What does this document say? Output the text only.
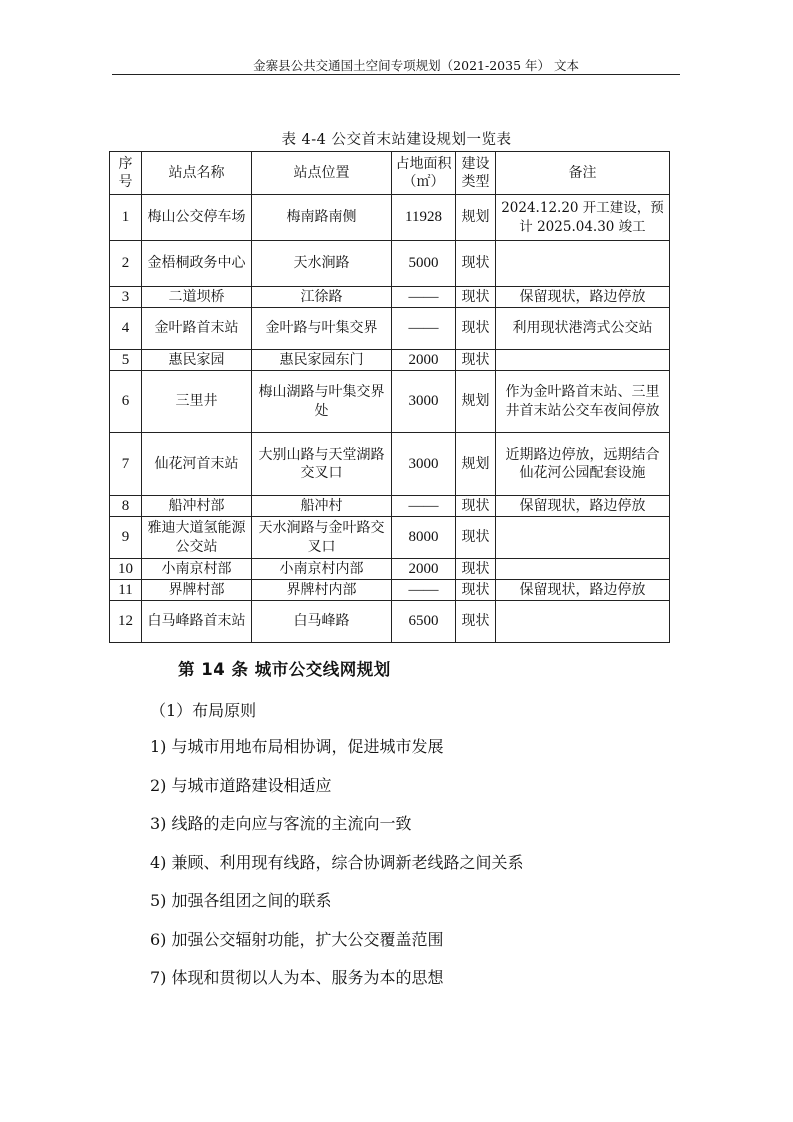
金寨县公共交通国土空间专项规划（2021-2035 年） 文本
表 4-4 公交首末站建设规划一览表
序号	站点名称	站点位置	占地面积（㎡）	建设类型	备注
1	梅山公交停车场	梅南路南侧	11928	规划	2024.12.20 开工建设，预计 2025.04.30 竣工
2	金梧桐政务中心	天水涧路	5000	现状	
3	二道坝桥	江徐路	——	现状	保留现状，路边停放
4	金叶路首末站	金叶路与叶集交界	——	现状	利用现状港湾式公交站
5	惠民家园	惠民家园东门	2000	现状	
6	三里井	梅山湖路与叶集交界处	3000	规划	作为金叶路首末站、三里井首末站公交车夜间停放
7	仙花河首末站	大别山路与天堂湖路交叉口	3000	规划	近期路边停放，远期结合仙花河公园配套设施
8	船冲村部	船冲村	——	现状	保留现状，路边停放
9	雅迪大道氢能源公交站	天水涧路与金叶路交叉口	8000	现状	
10	小南京村部	小南京村内部	2000	现状	
11	界牌村部	界牌村内部	——	现状	保留现状，路边停放
12	白马峰路首末站	白马峰路	6500	现状	
第 14 条 城市公交线网规划
（1）布局原则
1) 与城市用地布局相协调，促进城市发展
2) 与城市道路建设相适应
3) 线路的走向应与客流的主流向一致
4) 兼顾、利用现有线路，综合协调新老线路之间关系
5) 加强各组团之间的联系
6) 加强公交辐射功能，扩大公交覆盖范围
7) 体现和贯彻以人为本、服务为本的思想
